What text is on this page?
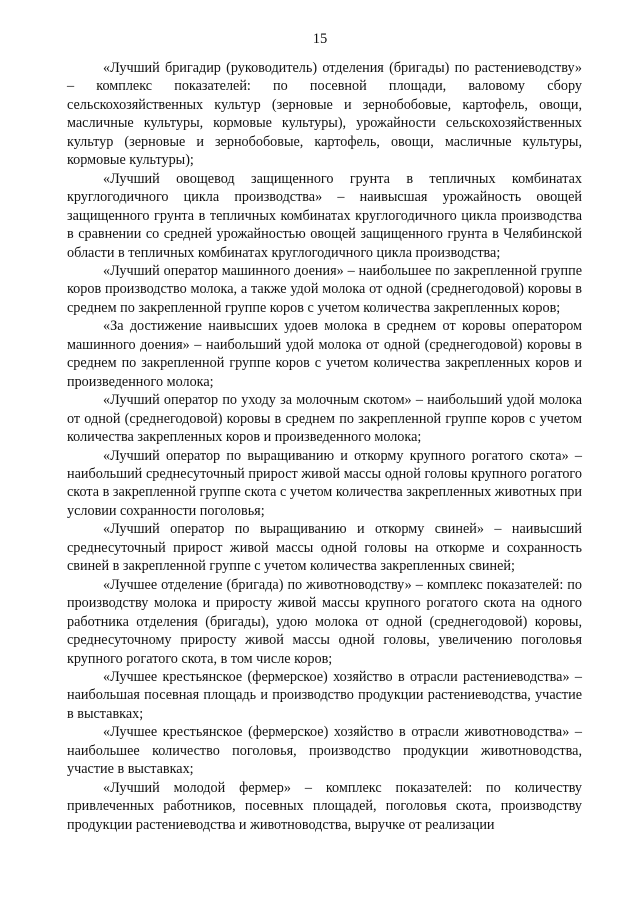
15

«Лучший бригадир (руководитель) отделения (бригады) по растениеводству» – комплекс показателей: по посевной площади, валовому сбору сельскохозяйственных культур (зерновые и зернобобовые, картофель, овощи, масличные культуры, кормовые культуры), урожайности сельскохозяйственных культур (зерновые и зернобобовые, картофель, овощи, масличные культуры, кормовые культуры);

«Лучший овощевод защищенного грунта в тепличных комбинатах круглогодичного цикла производства» – наивысшая урожайность овощей защищенного грунта в тепличных комбинатах круглогодичного цикла производства в сравнении со средней урожайностью овощей защищенного грунта в Челябинской области в тепличных комбинатах круглогодичного цикла производства;

«Лучший оператор машинного доения» – наибольшее по закрепленной группе коров производство молока, а также удой молока от одной (среднегодовой) коровы в среднем по закрепленной группе коров с учетом количества закрепленных коров;

«За достижение наивысших удоев молока в среднем от коровы оператором машинного доения» – наибольший удой молока от одной (среднегодовой) коровы в среднем по закрепленной группе коров с учетом количества закрепленных коров и произведенного молока;

«Лучший оператор по уходу за молочным скотом» – наибольший удой молока от одной (среднегодовой) коровы в среднем по закрепленной группе коров с учетом количества закрепленных коров и произведенного молока;

«Лучший оператор по выращиванию и откорму крупного рогатого скота» – наибольший среднесуточный прирост живой массы одной головы крупного рогатого скота в закрепленной группе скота с учетом количества закрепленных животных при условии сохранности поголовья;

«Лучший оператор по выращиванию и откорму свиней» – наивысший среднесуточный прирост живой массы одной головы на откорме и сохранность свиней в закрепленной группе с учетом количества закрепленных свиней;

«Лучшее отделение (бригада) по животноводству» – комплекс показателей: по производству молока и приросту живой массы крупного рогатого скота на одного работника отделения (бригады), удою молока от одной (среднегодовой) коровы, среднесуточному приросту живой массы одной головы, увеличению поголовья крупного рогатого скота, в том числе коров;

«Лучшее крестьянское (фермерское) хозяйство в отрасли растениеводства» – наибольшая посевная площадь и производство продукции растениеводства, участие в выставках;

«Лучшее крестьянское (фермерское) хозяйство в отрасли животноводства» – наибольшее количество поголовья, производство продукции животноводства, участие в выставках;

«Лучший молодой фермер» – комплекс показателей: по количеству привлеченных работников, посевных площадей, поголовья скота, производству продукции растениеводства и животноводства, выручке от реализации
